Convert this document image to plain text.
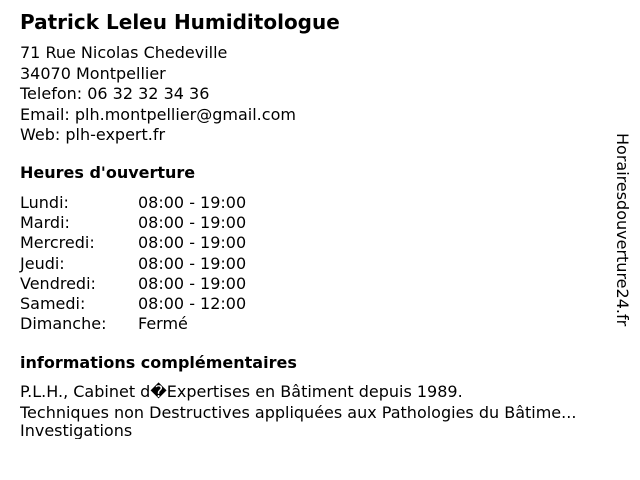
Patrick Leleu Humiditologue
71 Rue Nicolas Chedeville
34070 Montpellier
Telefon: 06 32 32 34 36
Email: plh.montpellier@gmail.com
Web: plh-expert.fr
Heures d'ouverture
Lundi:	08:00 - 19:00
Mardi:	08:00 - 19:00
Mercredi:	08:00 - 19:00
Jeudi:	08:00 - 19:00
Vendredi:	08:00 - 19:00
Samedi:	08:00 - 12:00
Dimanche: Fermé
informations complémentaires
P.L.H., Cabinet d�Expertises en Bâtiment depuis 1989.
Techniques non Destructives appliquées aux Pathologies du Bâtime...
Investigations
Horairesdouverture24.fr
